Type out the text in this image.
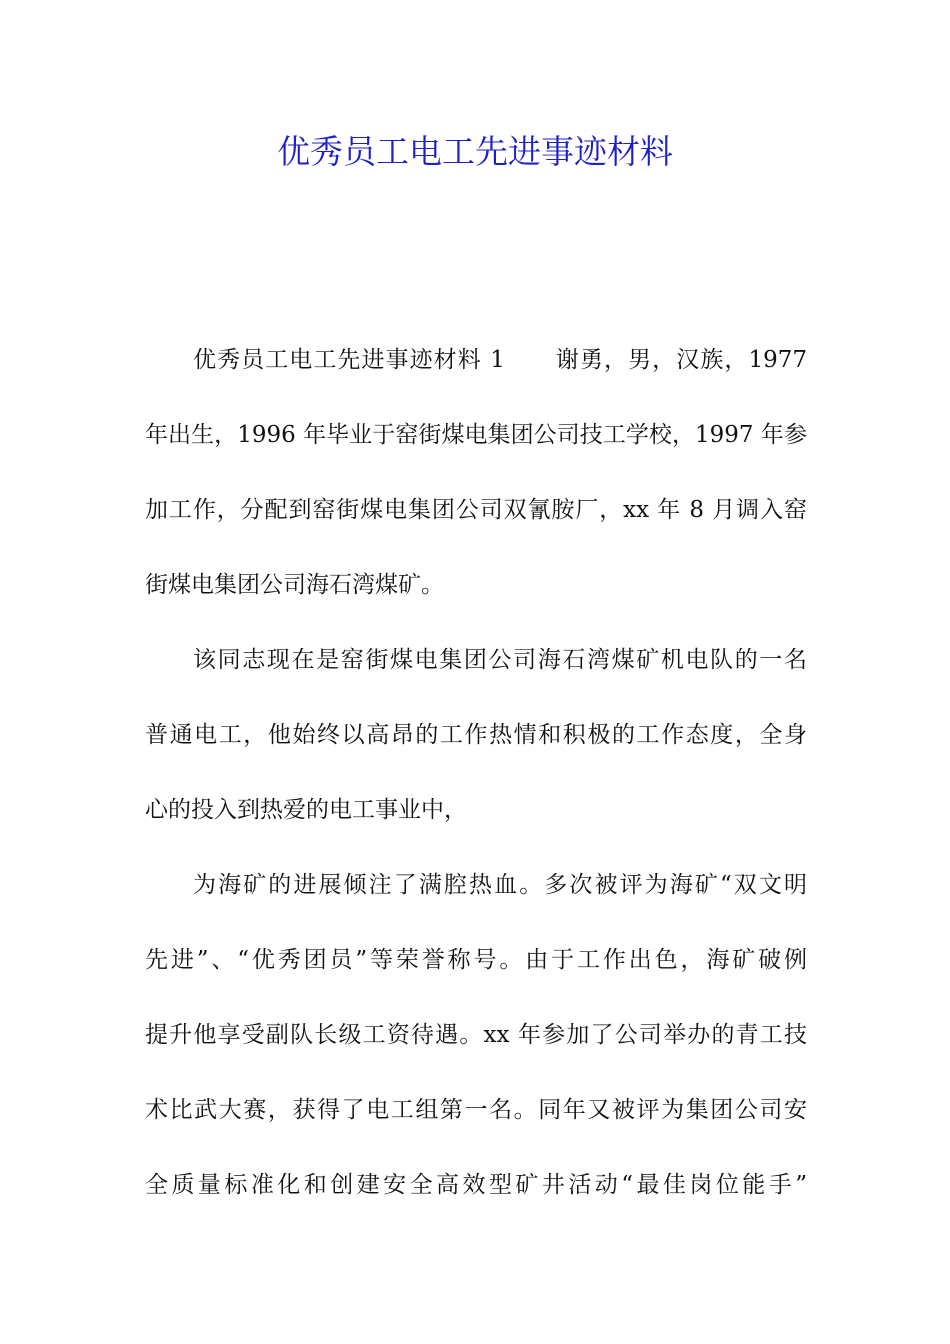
优秀员工电工先进事迹材料
优秀员工电工先进事迹材料 1 谢勇，男，汉族，1977
年出生，1996 年毕业于窑街煤电集团公司技工学校，1997 年参
加工作，分配到窑街煤电集团公司双氰胺厂，xx 年 8 月调入窑
街煤电集团公司海石湾煤矿。
该同志现在是窑街煤电集团公司海石湾煤矿机电队的一名
普通电工，他始终以高昂的工作热情和积极的工作态度，全身
心的投入到热爱的电工事业中，
为海矿的进展倾注了满腔热血。多次被评为海矿“双文明
先进”、“优秀团员”等荣誉称号。由于工作出色，海矿破例
提升他享受副队长级工资待遇。xx 年参加了公司举办的青工技
术比武大赛，获得了电工组第一名。同年又被评为集团公司安
全质量标准化和创建安全高效型矿井活动“最佳岗位能手”
